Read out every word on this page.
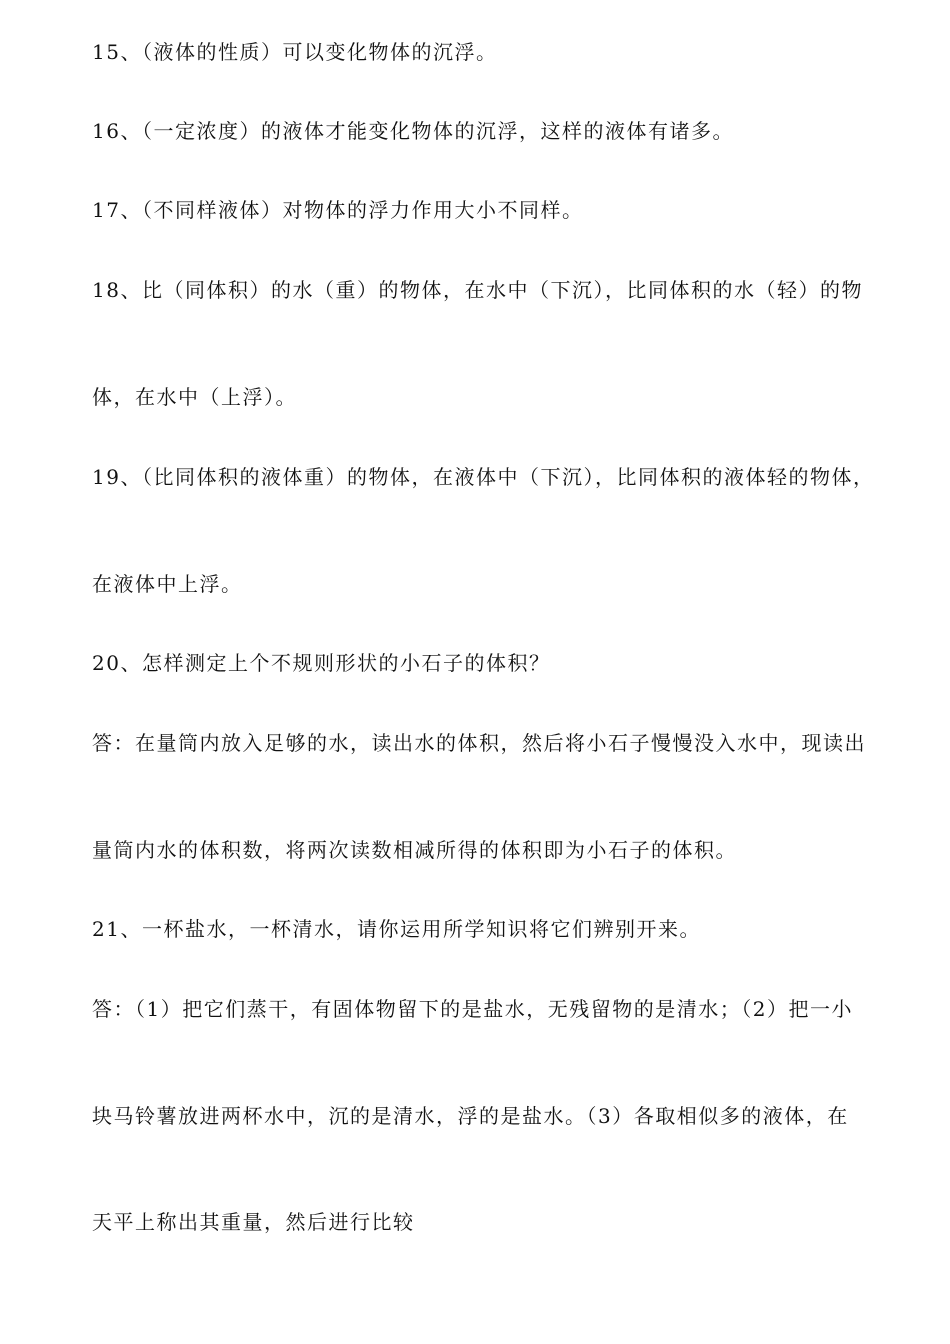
15、（液体的性质）可以变化物体的沉浮。
16、（一定浓度）的液体才能变化物体的沉浮，这样的液体有诸多。
17、（不同样液体）对物体的浮力作用大小不同样。
18、比（同体积）的水（重）的物体，在水中（下沉），比同体积的水（轻）的物
体，在水中（上浮）。
19、（比同体积的液体重）的物体，在液体中（下沉），比同体积的液体轻的物体，
在液体中上浮。
20、怎样测定上个不规则形状的小石子的体积？
答：在量筒内放入足够的水，读出水的体积，然后将小石子慢慢没入水中，现读出
量筒内水的体积数，将两次读数相减所得的体积即为小石子的体积。
21、一杯盐水，一杯清水，请你运用所学知识将它们辨别开来。
答：（1）把它们蒸干，有固体物留下的是盐水，无残留物的是清水；（2）把一小
块马铃薯放进两杯水中，沉的是清水，浮的是盐水。（3）各取相似多的液体，在
天平上称出其重量，然后进行比较
